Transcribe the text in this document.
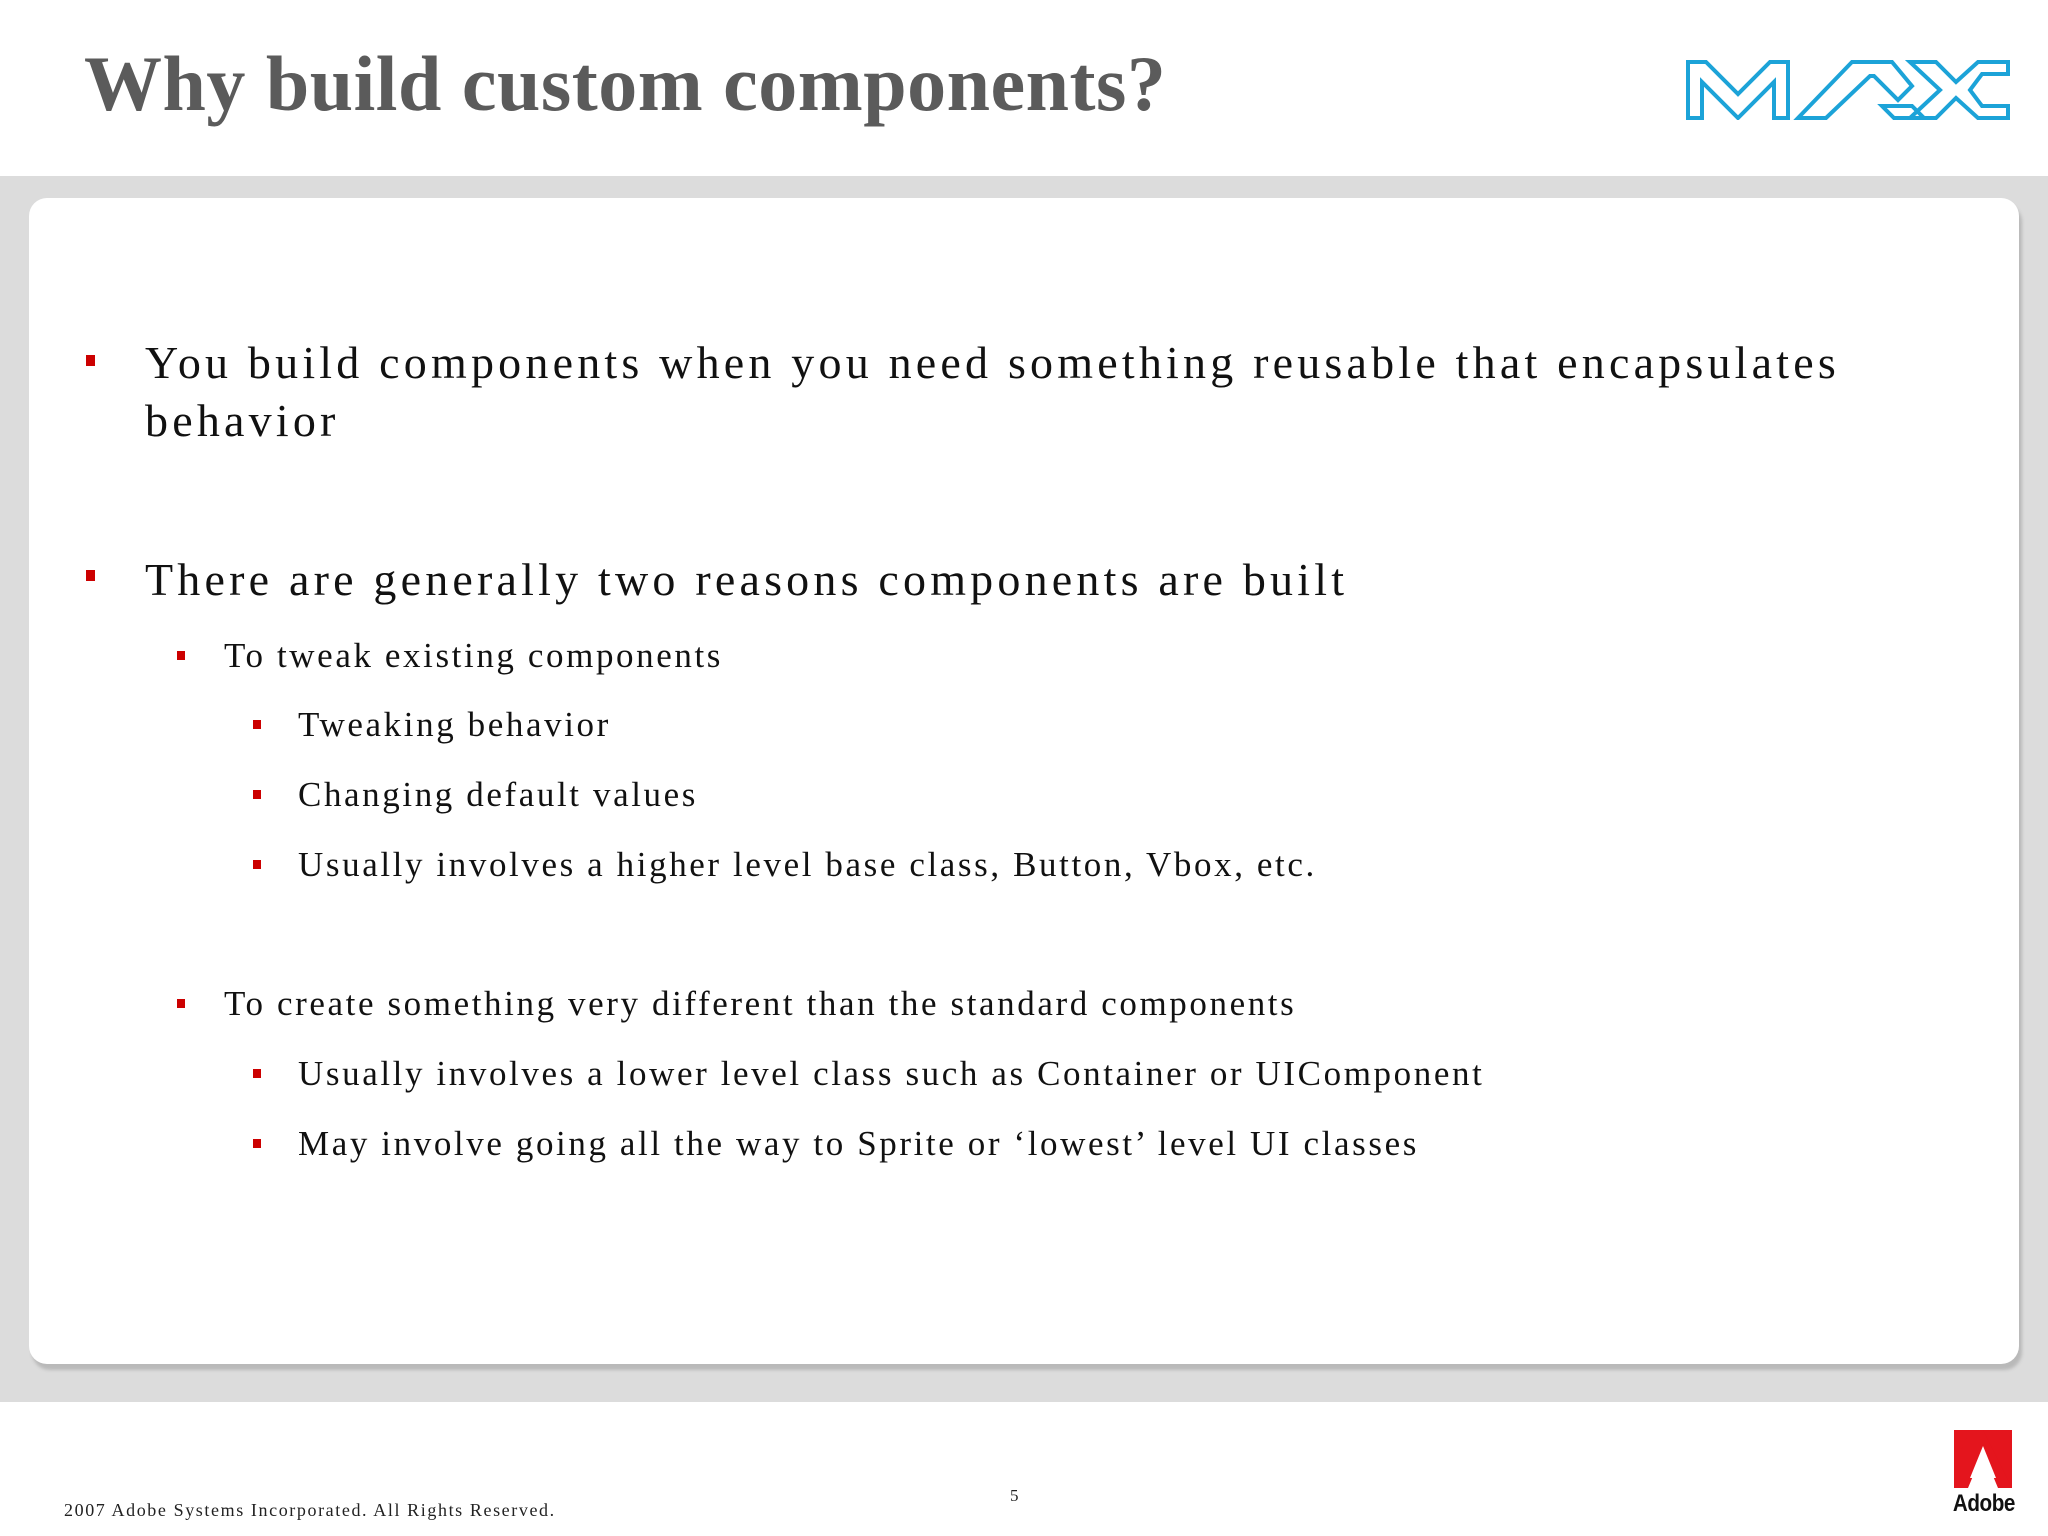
Why build custom components?
You build components when you need something reusable that encapsulates
behavior
There are generally two reasons components are built
To tweak existing components
Tweaking behavior
Changing default values
Usually involves a higher level base class, Button, Vbox, etc.
To create something very different than the standard components
Usually involves a lower level class such as Container or UIComponent
May involve going all the way to Sprite or ‘lowest’ level UI classes
2007 Adobe Systems Incorporated. All Rights Reserved.
5	Adobe
